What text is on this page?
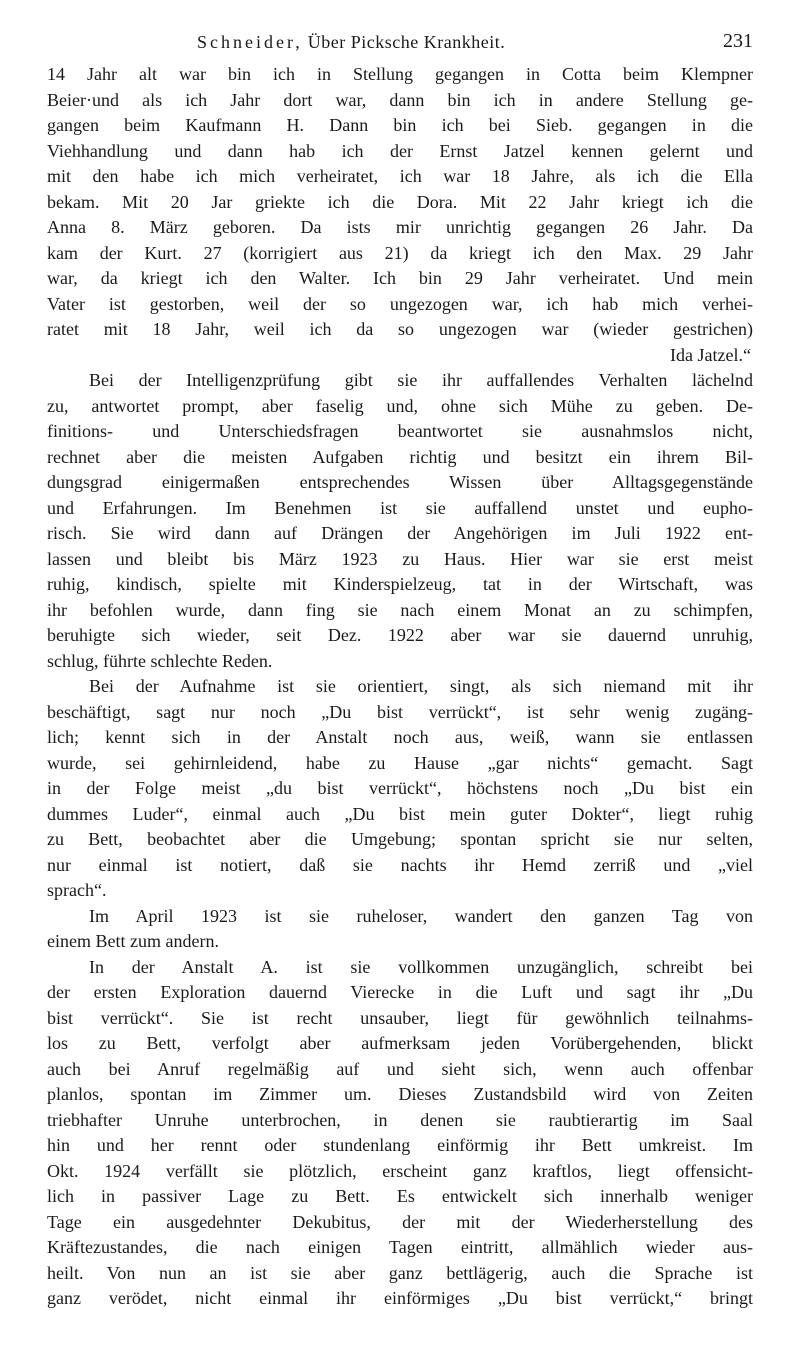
Schneider, Über Picksche Krankheit.	231
14 Jahr alt war bin ich in Stellung gegangen in Cotta beim Klempner
Beier·und als ich Jahr dort war, dann bin ich in andere Stellung ge-
gangen beim Kaufmann H. Dann bin ich bei Sieb. gegangen in die
Viehhandlung und dann hab ich der Ernst Jatzel kennen gelernt und
mit den habe ich mich verheiratet, ich war 18 Jahre, als ich die Ella
bekam. Mit 20 Jar griekte ich die Dora. Mit 22 Jahr kriegt ich die
Anna 8. März geboren. Da ists mir unrichtig gegangen 26 Jahr. Da
kam der Kurt. 27 (korrigiert aus 21) da kriegt ich den Max. 29 Jahr
war, da kriegt ich den Walter. Ich bin 29 Jahr verheiratet. Und mein
Vater ist gestorben, weil der so ungezogen war, ich hab mich verhei-
ratet mit 18 Jahr, weil ich da so ungezogen war (wieder gestrichen)
Ida Jatzel.“
Bei der Intelligenzprüfung gibt sie ihr auffallendes Verhalten lächelnd
zu, antwortet prompt, aber faselig und, ohne sich Mühe zu geben. De-
finitions- und Unterschiedsfragen beantwortet sie ausnahmslos nicht,
rechnet aber die meisten Aufgaben richtig und besitzt ein ihrem Bil-
dungsgrad einigermaßen entsprechendes Wissen über Alltagsgegenstände
und Erfahrungen. Im Benehmen ist sie auffallend unstet und eupho-
risch. Sie wird dann auf Drängen der Angehörigen im Juli 1922 ent-
lassen und bleibt bis März 1923 zu Haus. Hier war sie erst meist
ruhig, kindisch, spielte mit Kinderspielzeug, tat in der Wirtschaft, was
ihr befohlen wurde, dann fing sie nach einem Monat an zu schimpfen,
beruhigte sich wieder, seit Dez. 1922 aber war sie dauernd unruhig,
schlug, führte schlechte Reden.
Bei der Aufnahme ist sie orientiert, singt, als sich niemand mit ihr
beschäftigt, sagt nur noch „Du bist verrückt“, ist sehr wenig zugäng-
lich; kennt sich in der Anstalt noch aus, weiß, wann sie entlassen
wurde, sei gehirnleidend, habe zu Hause „gar nichts“ gemacht. Sagt
in der Folge meist „du bist verrückt“, höchstens noch „Du bist ein
dummes Luder“, einmal auch „Du bist mein guter Dokter“, liegt ruhig
zu Bett, beobachtet aber die Umgebung; spontan spricht sie nur selten,
nur einmal ist notiert, daß sie nachts ihr Hemd zerriß und „viel
sprach“.
Im April 1923 ist sie ruheloser, wandert den ganzen Tag von
einem Bett zum andern.
In der Anstalt A. ist sie vollkommen unzugänglich, schreibt bei
der ersten Exploration dauernd Vierecke in die Luft und sagt ihr „Du
bist verrückt“. Sie ist recht unsauber, liegt für gewöhnlich teilnahms-
los zu Bett, verfolgt aber aufmerksam jeden Vorübergehenden, blickt
auch bei Anruf regelmäßig auf und sieht sich, wenn auch offenbar
planlos, spontan im Zimmer um. Dieses Zustandsbild wird von Zeiten
triebhafter Unruhe unterbrochen, in denen sie raubtierartig im Saal
hin und her rennt oder stundenlang einförmig ihr Bett umkreist. Im
Okt. 1924 verfällt sie plötzlich, erscheint ganz kraftlos, liegt offensicht-
lich in passiver Lage zu Bett. Es entwickelt sich innerhalb weniger
Tage ein ausgedehnter Dekubitus, der mit der Wiederherstellung des
Kräftezustandes, die nach einigen Tagen eintritt, allmählich wieder aus-
heilt. Von nun an ist sie aber ganz bettlägerig, auch die Sprache ist
ganz verödet, nicht einmal ihr einförmiges „Du bist verrückt,“ bringt
